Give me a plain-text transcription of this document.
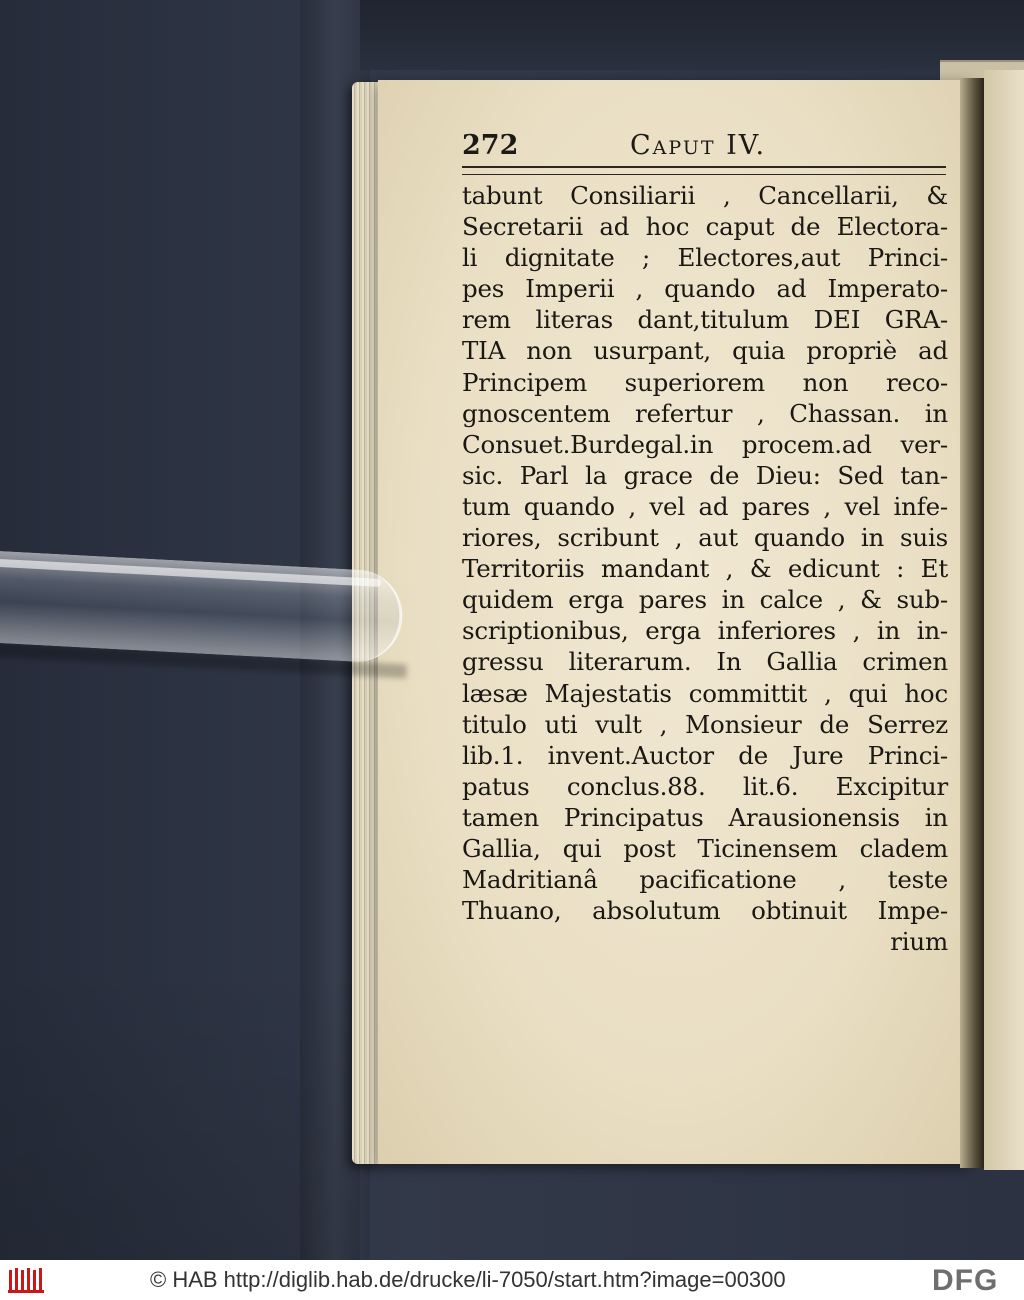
272	Caput IV.
tabunt Consiliarii , Cancellarii, &
Secretarii ad hoc caput de Electora-
li dignitate ; Electores,aut Princi-
pes Imperii , quando ad Imperato-
rem literas dant,titulum DEI GRA-
TIA non usurpant, quia propriè ad
Principem superiorem non reco-
gnoscentem refertur , Chassan. in
Consuet.Burdegal.in procem.ad ver-
sic. Parl la grace de Dieu: Sed tan-
tum quando , vel ad pares , vel infe-
riores, scribunt , aut quando in suis
Territoriis mandant , & edicunt : Et
quidem erga pares in calce , & sub-
scriptionibus, erga inferiores , in in-
gressu literarum. In Gallia crimen
læsæ Majestatis committit , qui hoc
titulo uti vult , Monsieur de Serrez
lib.1. invent.Auctor de Jure Princi-
patus conclus.88. lit.6. Excipitur
tamen Principatus Arausionensis in
Gallia, qui post Ticinensem cladem
Madritianâ pacificatione , teste
Thuano, absolutum obtinuit Impe-
rium
© HAB http://diglib.hab.de/drucke/li-7050/start.htm?image=00300	DFG
